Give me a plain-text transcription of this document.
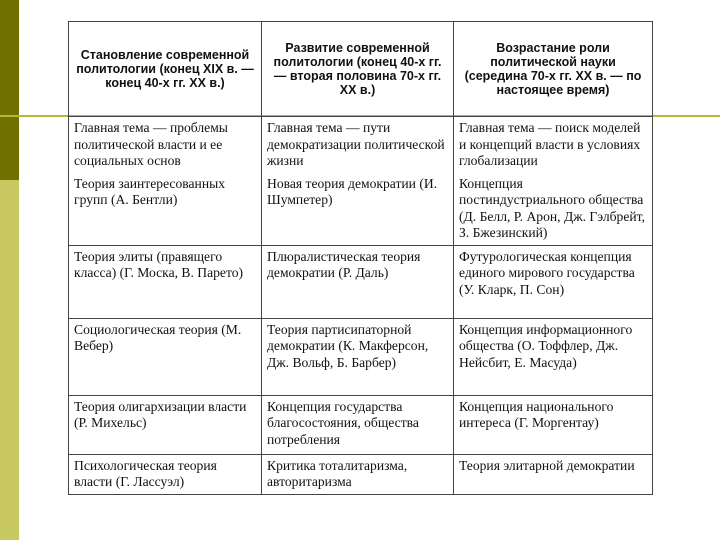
Становление современной политологии (конец XIX в. — конец 40-х гг. XX в.)	Развитие современной политологии (конец 40-х гг. — вторая половина 70-х гг. XX в.)	Возрастание роли политической науки (середина 70-х гг. XX в. — по настоящее время)
Главная тема — проблемы политической власти и ее социальных основ	Главная тема — пути демократизации политической жизни	Главная тема — поиск моделей и концепций власти в условиях глобализации
Теория заинтересованных групп (А. Бентли)	Новая теория демократии (И. Шумпетер)	Концепция постиндустриального общества (Д. Белл, Р. Арон, Дж. Гэлбрейт, З. Бжезинский)
Теория элиты (правящего класса) (Г. Моска, В. Парето)	Плюралистическая теория демократии (Р. Даль)	Футурологическая концепция единого мирового государства (У. Кларк, П. Сон)
Социологическая теория (М. Вебер)	Теория партисипаторной демократии (К. Макферсон, Дж. Вольф, Б. Барбер)	Концепция информационного общества (О. Тоффлер, Дж. Нейсбит, Е. Масуда)
Теория олигархизации власти (Р. Михельс)	Концепция государства благосостояния, общества потребления	Концепция национального интереса (Г. Моргентау)
Психологическая теория власти (Г. Лассуэл)	Критика тоталитаризма, авторитаризма	Теория элитарной демократии
